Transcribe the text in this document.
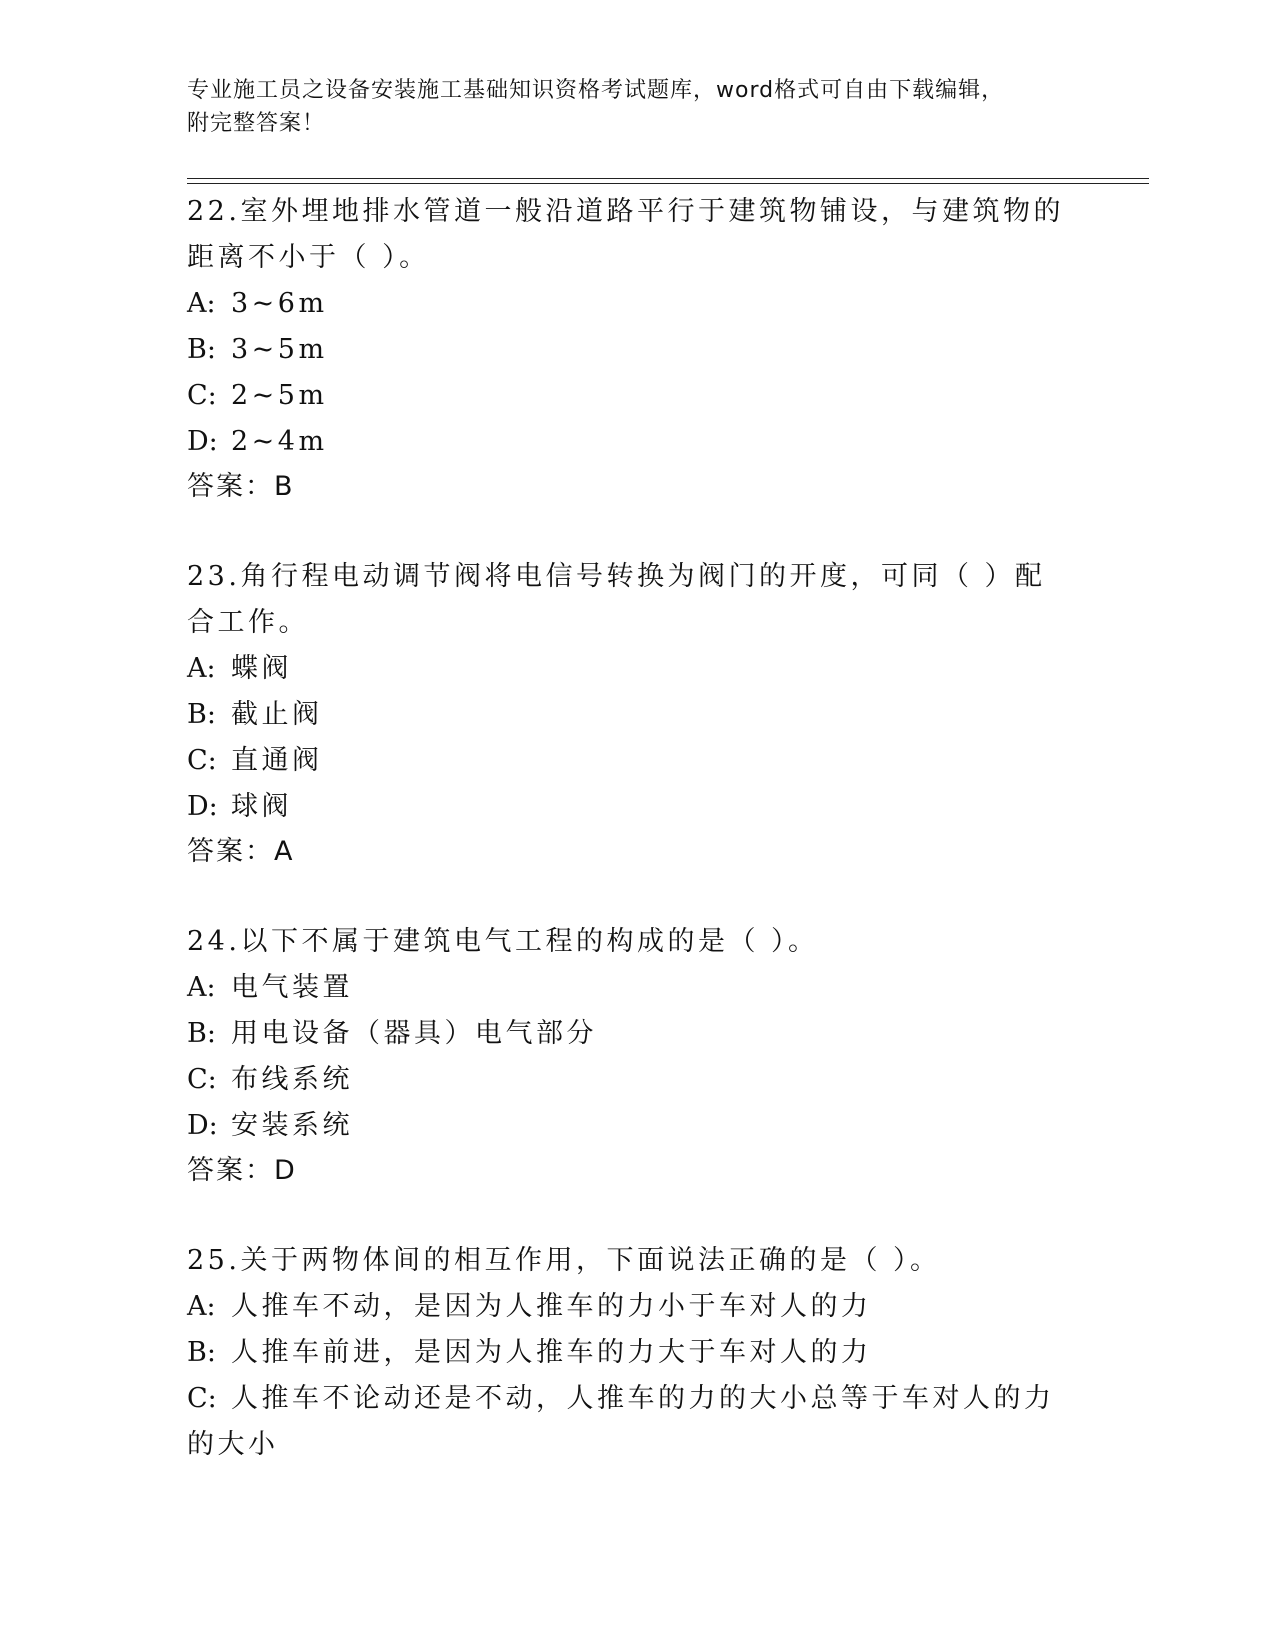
专业施工员之设备安装施工基础知识资格考试题库，word格式可自由下载编辑，
附完整答案！

22.室外埋地排水管道一般沿道路平行于建筑物铺设，与建筑物的距离不小于（ ）。

A: 3~6m

B: 3~5m

C: 2~5m

D: 2~4m

答案：B

23.角行程电动调节阀将电信号转换为阀门的开度，可同（ ）配合工作。

A: 蝶阀

B: 截止阀

C: 直通阀

D: 球阀

答案：A

24.以下不属于建筑电气工程的构成的是（ ）。

A: 电气装置

B: 用电设备（器具）电气部分

C: 布线系统

D: 安装系统

答案：D

25.关于两物体间的相互作用，下面说法正确的是（ ）。

A: 人推车不动，是因为人推车的力小于车对人的力

B: 人推车前进，是因为人推车的力大于车对人的力

C: 人推车不论动还是不动，人推车的力的大小总等于车对人的力的大小
